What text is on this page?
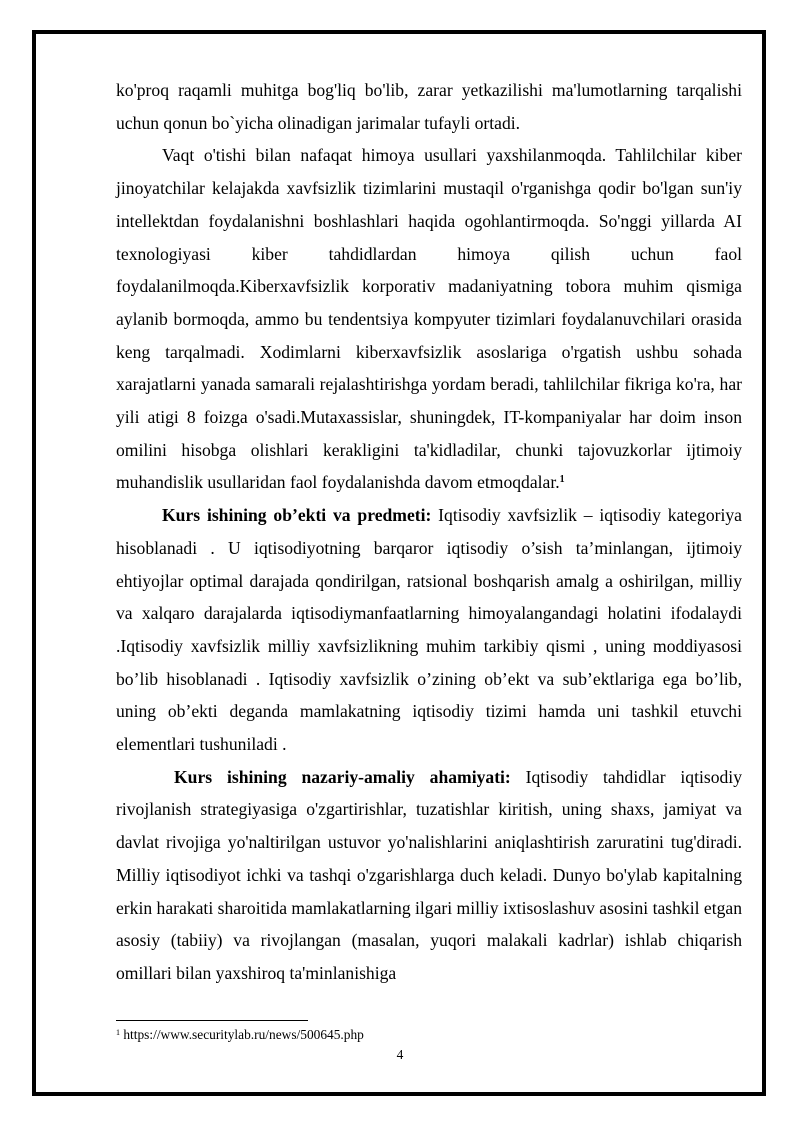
ko'proq raqamli muhitga bog'liq bo'lib, zarar yetkazilishi ma'lumotlarning tarqalishi uchun qonun bo`yicha olinadigan jarimalar tufayli ortadi.

Vaqt o'tishi bilan nafaqat himoya usullari yaxshilanmoqda. Tahlilchilar kiber jinoyatchilar kelajakda xavfsizlik tizimlarini mustaqil o'rganishga qodir bo'lgan sun'iy intellektdan foydalanishni boshlashlari haqida ogohlantirmoqda. So'nggi yillarda AI texnologiyasi kiber tahdidlardan himoya qilish uchun faol foydalanilmoqda.Kiberxavfsizlik korporativ madaniyatning tobora muhim qismiga aylanib bormoqda, ammo bu tendentsiya kompyuter tizimlari foydalanuvchilari orasida keng tarqalmadi. Xodimlarni kiberxavfsizlik asoslariga o'rgatish ushbu sohada xarajatlarni yanada samarali rejalashtirishga yordam beradi, tahlilchilar fikriga ko'ra, har yili atigi 8 foizga o'sadi.Mutaxassislar, shuningdek, IT-kompaniyalar har doim inson omilini hisobga olishlari kerakligini ta'kidladilar, chunki tajovuzkorlar ijtimoiy muhandislik usullaridan faol foydalanishda davom etmoqdalar.$^1$

Kurs ishining ob’ekti va predmeti: Iqtisodiy xavfsizlik – iqtisodiy kategoriya hisoblanadi . U iqtisodiyotning barqaror iqtisodiy o’sish ta’minlangan, ijtimoiy ehtiyojlar optimal darajada qondirilgan, ratsional boshqarish amalg a oshirilgan, milliy va xalqaro darajalarda iqtisodiymanfaatlarning himoyalangandagi holatini ifodalaydi .Iqtisodiy xavfsizlik milliy xavfsizlikning muhim tarkibiy qismi , uning moddiyasosi bo’lib hisoblanadi . Iqtisodiy xavfsizlik o’zining ob’ekt va sub’ektlariga ega bo’lib, uning ob’ekti deganda mamlakatning iqtisodiy tizimi hamda uni tashkil etuvchi elementlari tushuniladi .

Kurs ishining nazariy-amaliy ahamiyati: Iqtisodiy tahdidlar iqtisodiy rivojlanish strategiyasiga o'zgartirishlar, tuzatishlar kiritish, uning shaxs, jamiyat va davlat rivojiga yo'naltirilgan ustuvor yo'nalishlarini aniqlashtirish zaruratini tug'diradi. Milliy iqtisodiyot ichki va tashqi o'zgarishlarga duch keladi. Dunyo bo'ylab kapitalning erkin harakati sharoitida mamlakatlarning ilgari milliy ixtisoslashuv asosini tashkil etgan asosiy (tabiiy) va rivojlangan (masalan, yuqori malakali kadrlar) ishlab chiqarish omillari bilan yaxshiroq ta'minlanishiga

$^1$ https://www.securitylab.ru/news/500645.php
4
